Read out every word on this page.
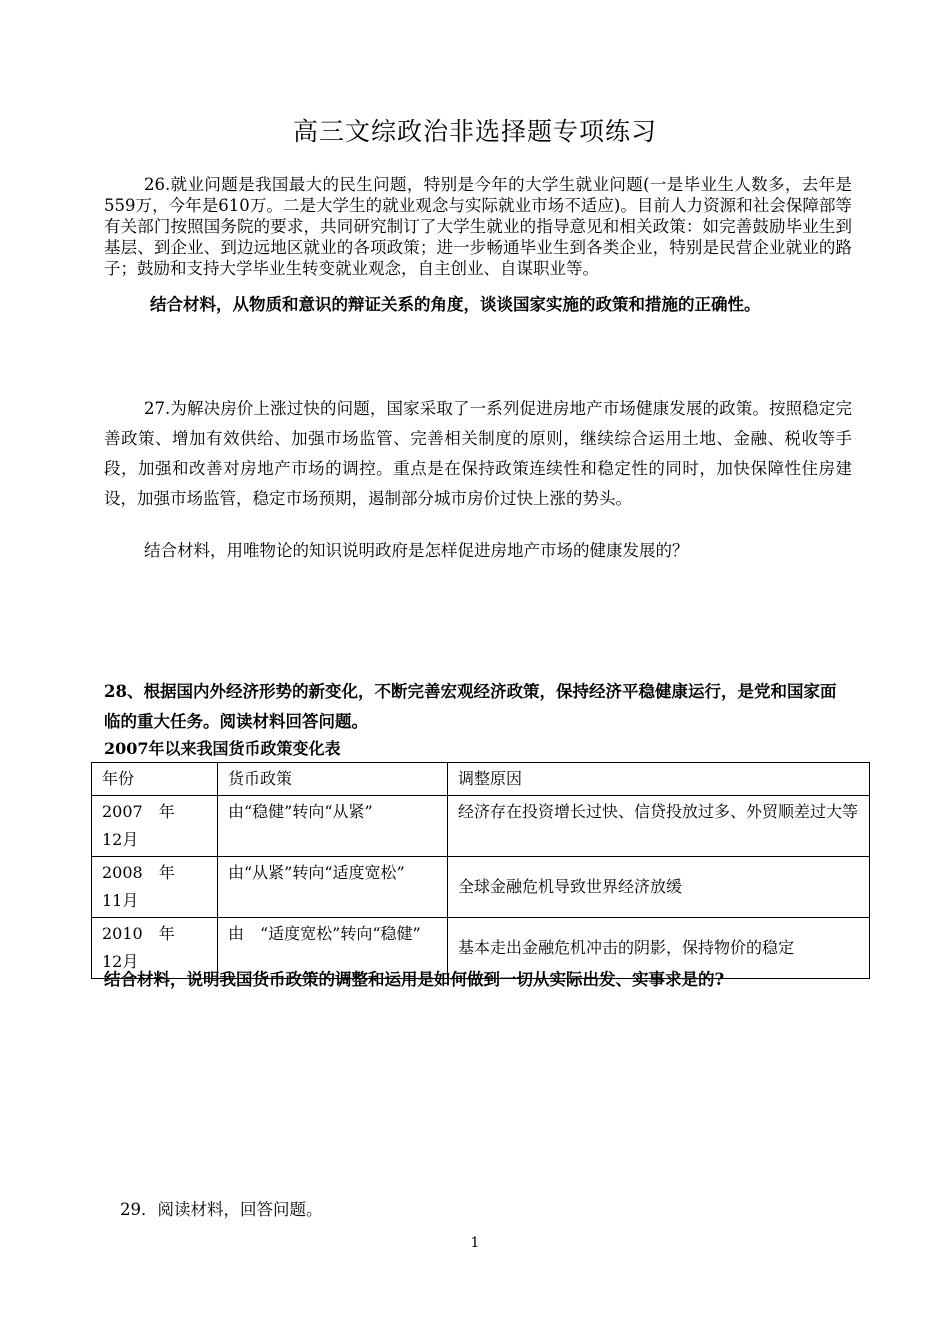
高三文综政治非选择题专项练习
26.就业问题是我国最大的民生问题，特别是今年的大学生就业问题(一是毕业生人数多，去年是559万，今年是610万。二是大学生的就业观念与实际就业市场不适应)。目前人力资源和社会保障部等有关部门按照国务院的要求，共同研究制订了大学生就业的指导意见和相关政策：如完善鼓励毕业生到基层、到企业、到边远地区就业的各项政策；进一步畅通毕业生到各类企业，特别是民营企业就业的路子；鼓励和支持大学毕业生转变就业观念，自主创业、自谋职业等。
结合材料，从物质和意识的辩证关系的角度，谈谈国家实施的政策和措施的正确性。
27.为解决房价上涨过快的问题，国家采取了一系列促进房地产市场健康发展的政策。按照稳定完善政策、增加有效供给、加强市场监管、完善相关制度的原则，继续综合运用土地、金融、税收等手段，加强和改善对房地产市场的调控。重点是在保持政策连续性和稳定性的同时，加快保障性住房建设，加强市场监管，稳定市场预期，遏制部分城市房价过快上涨的势头。
结合材料，用唯物论的知识说明政府是怎样促进房地产市场的健康发展的？
28、根据国内外经济形势的新变化，不断完善宏观经济政策，保持经济平稳健康运行，是党和国家面临的重大任务。阅读材料回答问题。
2007年以来我国货币政策变化表
年份	货币政策	调整原因
2007　年　12月	由“稳健”转向“从紧”	经济存在投资增长过快、信贷投放过多、外贸顺差过大等
2008　年　11月	由“从紧”转向“适度宽松”	全球金融危机导致世界经济放缓
2010　年　12月	由　“适度宽松”转向“稳健”	基本走出金融危机冲击的阴影，保持物价的稳定
结合材料，说明我国货币政策的调整和运用是如何做到一切从实际出发、实事求是的?
29．阅读材料，回答问题。
1
